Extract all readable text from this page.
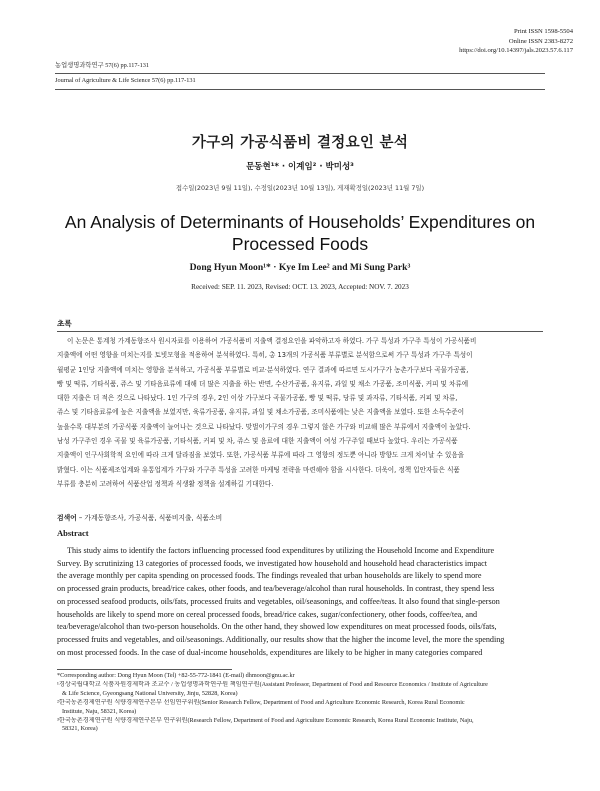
Print ISSN 1598-5504
Online ISSN 2383-8272
https://doi.org/10.14397/jals.2023.57.6.117
농업생명과학연구 57(6) pp.117-131
Journal of Agriculture & Life Science 57(6) pp.117-131
가구의 가공식품비 결정요인 분석
문동현¹* · 이계임² · 박미성³
접수일(2023년 9월 11일), 수정일(2023년 10월 13일), 게재확정일(2023년 11월 7일)
An Analysis of Determinants of Households’ Expenditures on Processed Foods
Dong Hyun Moon¹* · Kye Im Lee² and Mi Sung Park³
Received: SEP. 11. 2023, Revised: OCT. 13. 2023, Accepted: NOV. 7. 2023
초록
이 논문은 통계청 가계동향조사 원시자료를 이용하여 가공식품비 지출액 결정요인을 파악하고자 하였다. 가구 특성과 가구주 특성이 가공식품비
지출액에 어떤 영향을 미치는지를 토빗모형을 적용하여 분석하였다. 특히, 총 13개의 가공식품 부류별로 분석함으로써 가구 특성과 가구주 특성이
월평균 1인당 지출액에 미치는 영향을 분석하고, 가공식품 부류별로 비교·분석하였다. 연구 결과에 따르면 도시가구가 농촌가구보다 곡물가공품,
빵 및 떡류, 기타식품, 쥬스 및 기타음료류에 대해 더 많은 지출을 하는 반면, 수산가공품, 유지류, 과일 및 채소 가공품, 조미식품, 커피 및 차류에
대한 지출은 더 적은 것으로 나타났다. 1인 가구의 경우, 2인 이상 가구보다 곡물가공품, 빵 및 떡류, 당류 및 과자류, 기타식품, 커피 및 차류,
쥬스 및 기타음료류에 높은 지출액을 보였지만, 육류가공품, 유지류, 과일 및 채소가공품, 조미식품에는 낮은 지출액을 보였다. 또한 소득수준이
높을수록 대부분의 가공식품 지출액이 늘어나는 것으로 나타났다. 맞벌이가구의 경우 그렇지 않은 가구와 비교해 많은 부류에서 지출액이 높았다.
남성 가구주인 경우 곡물 및 육류가공품, 기타식품, 커피 및 차, 쥬스 및 음료에 대한 지출액이 여성 가구주일 때보다 높았다. 우리는 가공식품
지출액이 인구사회학적 요인에 따라 크게 달라짐을 보였다. 또한, 가공식품 부류에 따라 그 영향의 정도뿐 아니라 방향도 크게 차이날 수 있음을
밝혔다. 이는 식품제조업계와 유통업계가 가구와 가구주 특성을 고려한 마케팅 전략을 마련해야 함을 시사한다. 더욱이, 정책 입안자들은 식품
부류를 충분히 고려하여 식품산업 정책과 식생활 정책을 설계하길 기대한다.
검색어 – 가계동향조사, 가공식품, 식품비지출, 식품소비
Abstract
This study aims to identify the factors influencing processed food expenditures by utilizing the Household Income and Expenditure
Survey. By scrutinizing 13 categories of processed foods, we investigated how household and household head characteristics impact
the average monthly per capita spending on processed foods. The findings revealed that urban households are likely to spend more
on processed grain products, bread/rice cakes, other foods, and tea/beverage/alcohol than rural households. In contrast, they spend less
on processed seafood products, oils/fats, processed fruits and vegetables, oil/seasonings, and coffee/teas. It also found that single-person
households are likely to spend more on cereal processed foods, bread/rice cakes, sugar/confectionery, other foods, coffee/tea, and
tea/beverage/alcohol than two-person households. On the other hand, they showed low expenditures on meat processed foods, oils/fats,
processed fruits and vegetables, and oil/seasonings. Additionally, our results show that the higher the income level, the more the spending
on most processed foods. In the case of dual-income households, expenditures are likely to be higher in many categories compared
*Corresponding author: Dong Hyun Moon (Tel) +82-55-772-1841 (E-mail) dhmoon@gnu.ac.kr
¹경상국립대학교 식품자원경제학과 조교수 / 농업생명과학연구원 책임연구원(Assistant Professor, Department of Food and Resource Economics / Institute of Agriculture
& Life Science, Gyeongsang National University, Jinju, 52828, Korea)
²한국농촌경제연구원 식량경제연구본부 선임연구위원(Senior Research Fellow, Department of Food and Agriculture Economic Research, Korea Rural Economic
Institute, Naju, 58321, Korea)
³한국농촌경제연구원 식량경제연구본부 연구위원(Research Fellow, Department of Food and Agriculture Economic Research, Korea Rural Economic Institute, Naju,
58321, Korea)
